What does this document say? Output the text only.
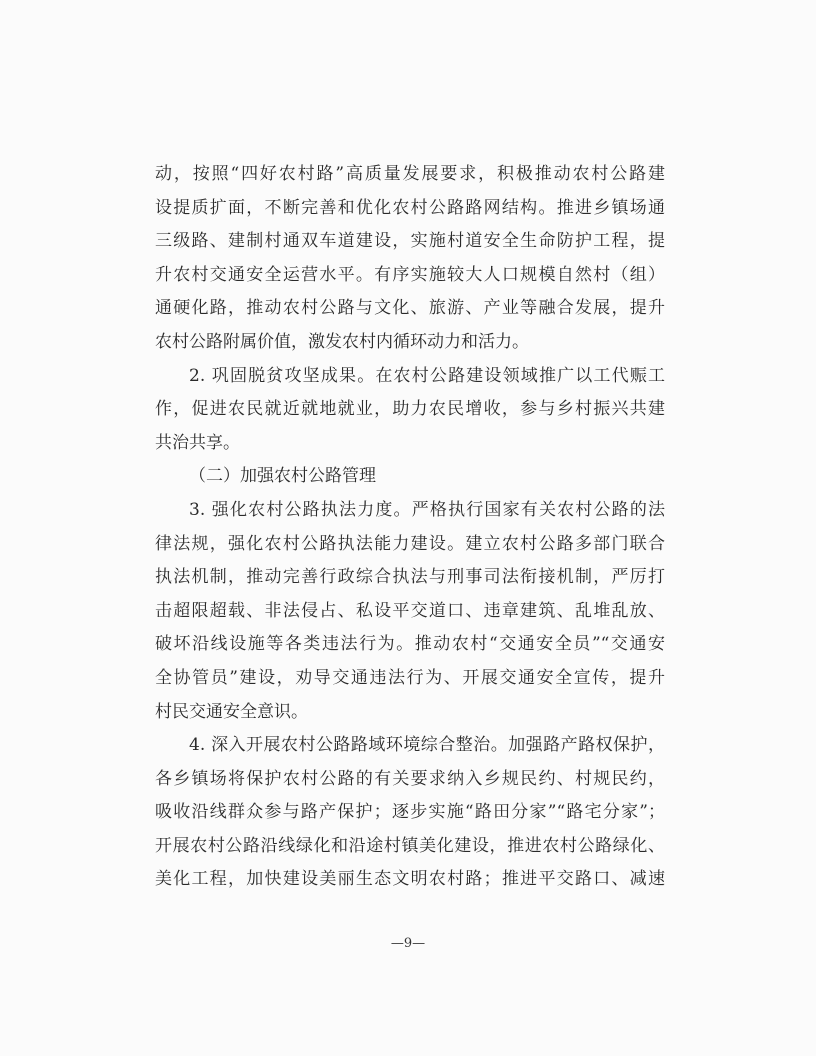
动，按照“四好农村路”高质量发展要求，积极推动农村公路建
设提质扩面，不断完善和优化农村公路路网结构。推进乡镇场通
三级路、建制村通双车道建设，实施村道安全生命防护工程，提
升农村交通安全运营水平。有序实施较大人口规模自然村（组）
通硬化路，推动农村公路与文化、旅游、产业等融合发展，提升
农村公路附属价值，激发农村内循环动力和活力。
2. 巩固脱贫攻坚成果。在农村公路建设领域推广以工代赈工
作，促进农民就近就地就业，助力农民增收，参与乡村振兴共建
共治共享。
（二）加强农村公路管理
3. 强化农村公路执法力度。严格执行国家有关农村公路的法
律法规，强化农村公路执法能力建设。建立农村公路多部门联合
执法机制，推动完善行政综合执法与刑事司法衔接机制，严厉打
击超限超载、非法侵占、私设平交道口、违章建筑、乱堆乱放、
破坏沿线设施等各类违法行为。推动农村“交通安全员”“交通安
全协管员”建设，劝导交通违法行为、开展交通安全宣传，提升
村民交通安全意识。
4. 深入开展农村公路路域环境综合整治。加强路产路权保护，
各乡镇场将保护农村公路的有关要求纳入乡规民约、村规民约，
吸收沿线群众参与路产保护；逐步实施“路田分家”“路宅分家”；
开展农村公路沿线绿化和沿途村镇美化建设，推进农村公路绿化、
美化工程，加快建设美丽生态文明农村路；推进平交路口、减速
—9—
